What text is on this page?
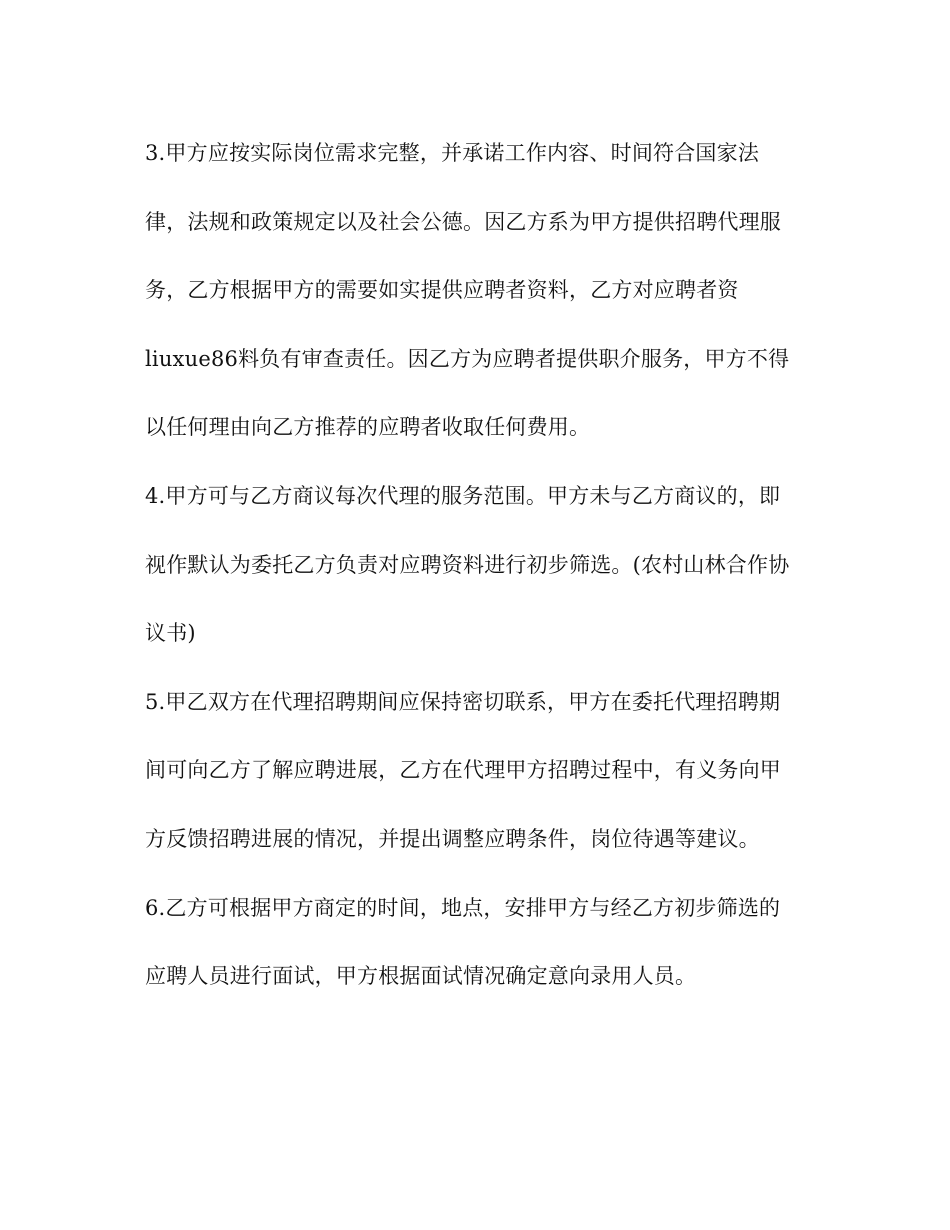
3.甲方应按实际岗位需求完整，并承诺工作内容、时间符合国家法
律，法规和政策规定以及社会公德。因乙方系为甲方提供招聘代理服
务，乙方根据甲方的需要如实提供应聘者资料，乙方对应聘者资
liuxue86料负有审查责任。因乙方为应聘者提供职介服务，甲方不得
以任何理由向乙方推荐的应聘者收取任何费用。
4.甲方可与乙方商议每次代理的服务范围。甲方未与乙方商议的，即
视作默认为委托乙方负责对应聘资料进行初步筛选。(农村山林合作协
议书)
5.甲乙双方在代理招聘期间应保持密切联系，甲方在委托代理招聘期
间可向乙方了解应聘进展，乙方在代理甲方招聘过程中，有义务向甲
方反馈招聘进展的情况，并提出调整应聘条件，岗位待遇等建议。
6.乙方可根据甲方商定的时间，地点，安排甲方与经乙方初步筛选的
应聘人员进行面试，甲方根据面试情况确定意向录用人员。
